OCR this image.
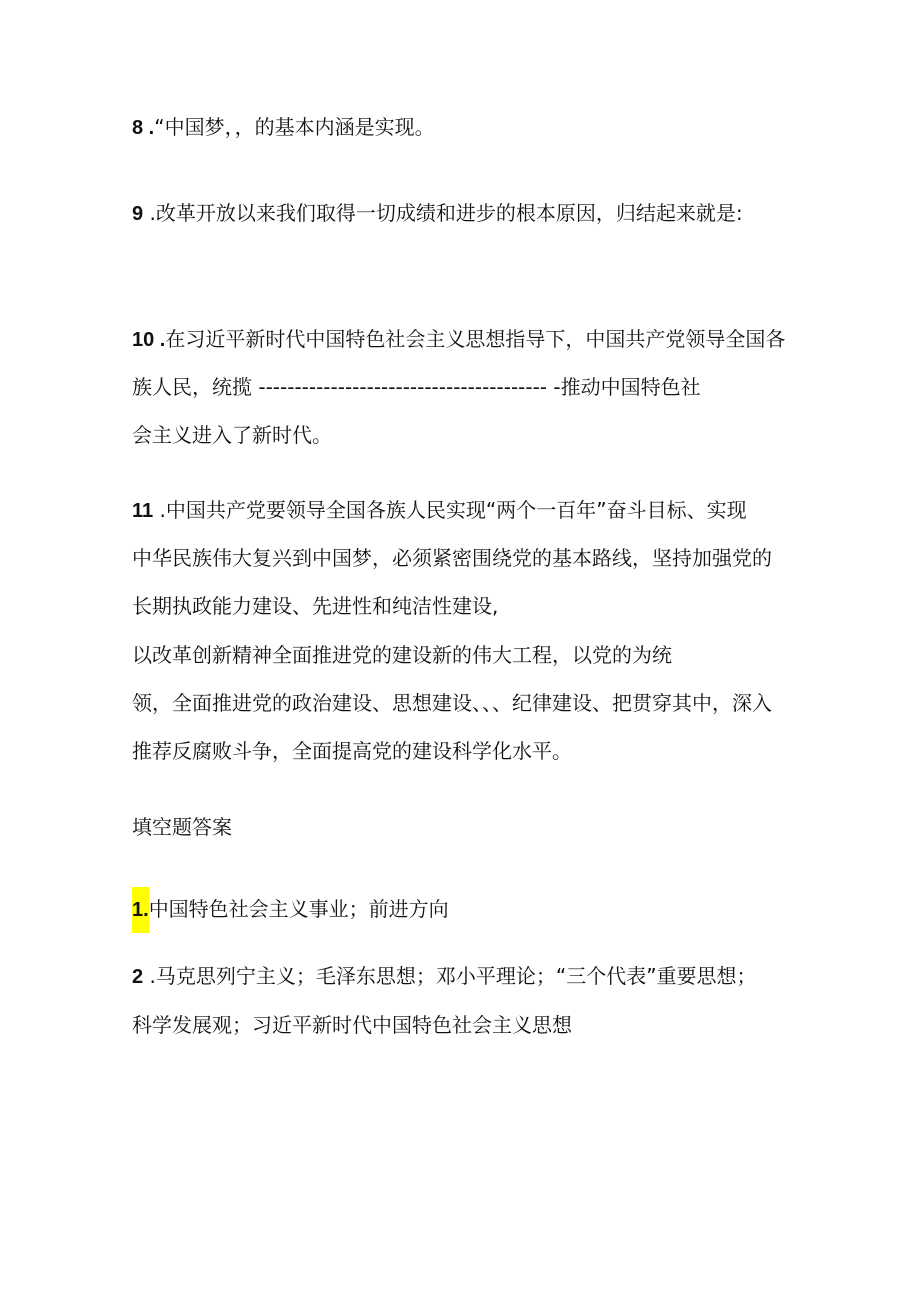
8 .“中国梦，，的基本内涵是实现。
9 .改革开放以来我们取得一切成绩和进步的根本原因，归结起来就是:
10 .在习近平新时代中国特色社会主义思想指导下，中国共产党领导全国各
族人民，统揽 ---------------------------------------- -推动中国特色社
会主义进入了新时代。
11 .中国共产党要领导全国各族人民实现“两个一百年”奋斗目标、实现
中华民族伟大复兴到中国梦，必须紧密围绕党的基本路线，坚持加强党的
长期执政能力建设、先进性和纯洁性建设,
以改革创新精神全面推进党的建设新的伟大工程，以党的为统
领，全面推进党的政治建设、思想建设、、、纪律建设、把贯穿其中，深入
推荐反腐败斗争，全面提高党的建设科学化水平。
填空题答案
1.中国特色社会主义事业；前进方向
2 .马克思列宁主义；毛泽东思想；邓小平理论；“三个代表”重要思想；
科学发展观；习近平新时代中国特色社会主义思想
